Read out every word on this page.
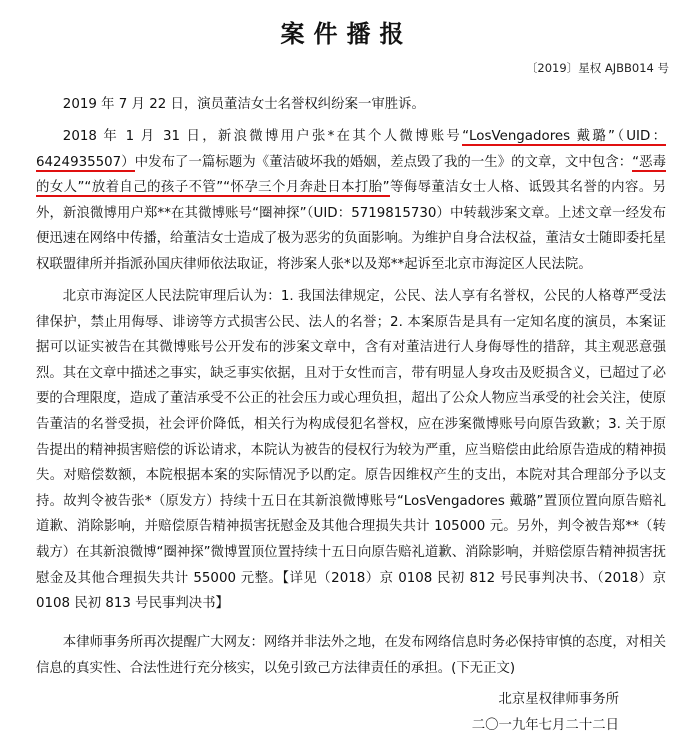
案件播报
〔2019〕星权 AJBB014 号

2019 年 7 月 22 日，演员董洁女士名誉权纠纷案一审胜诉。

2018 年 1 月 31 日，新浪微博用户张*在其个人微博账号“LosVengadores 戴璐”（UID：6424935507）中发布了一篇标题为《董洁破坏我的婚姻，差点毁了我的一生》的文章，文中包含：“恶毒的女人”“放着自己的孩子不管”“怀孕三个月奔赴日本打胎”等侮辱董洁女士人格、诋毁其名誉的内容。另外，新浪微博用户郑**在其微博账号“圈神探”（UID：5719815730）中转载涉案文章。上述文章一经发布便迅速在网络中传播，给董洁女士造成了极为恶劣的负面影响。为维护自身合法权益，董洁女士随即委托星权联盟律所并指派孙国庆律师依法取证，将涉案人张*以及郑**起诉至北京市海淀区人民法院。

北京市海淀区人民法院审理后认为：1. 我国法律规定，公民、法人享有名誉权，公民的人格尊严受法律保护，禁止用侮辱、诽谤等方式损害公民、法人的名誉；2. 本案原告是具有一定知名度的演员，本案证据可以证实被告在其微博账号公开发布的涉案文章中，含有对董洁进行人身侮辱性的措辞，其主观恶意强烈。其在文章中描述之事实，缺乏事实依据，且对于女性而言，带有明显人身攻击及贬损含义，已超过了必要的合理限度，造成了董洁承受不公正的社会压力或心理负担，超出了公众人物应当承受的社会关注，使原告董洁的名誉受损，社会评价降低，相关行为构成侵犯名誉权，应在涉案微博账号向原告致歉；3. 关于原告提出的精神损害赔偿的诉讼请求，本院认为被告的侵权行为较为严重，应当赔偿由此给原告造成的精神损失。对赔偿数额，本院根据本案的实际情况予以酌定。原告因维权产生的支出，本院对其合理部分予以支持。故判令被告张*（原发方）持续十五日在其新浪微博账号“LosVengadores 戴璐”置顶位置向原告赔礼道歉、消除影响，并赔偿原告精神损害抚慰金及其他合理损失共计 105000 元。另外，判令被告郑**（转载方）在其新浪微博“圈神探”微博置顶位置持续十五日向原告赔礼道歉、消除影响，并赔偿原告精神损害抚慰金及其他合理损失共计 55000 元整。【详见（2018）京 0108 民初 812 号民事判决书、（2018）京 0108 民初 813 号民事判决书】

本律师事务所再次提醒广大网友：网络并非法外之地，在发布网络信息时务必保持审慎的态度，对相关信息的真实性、合法性进行充分核实，以免引致己方法律责任的承担。(下无正文)

北京星权律师事务所
二〇一九年七月二十二日
